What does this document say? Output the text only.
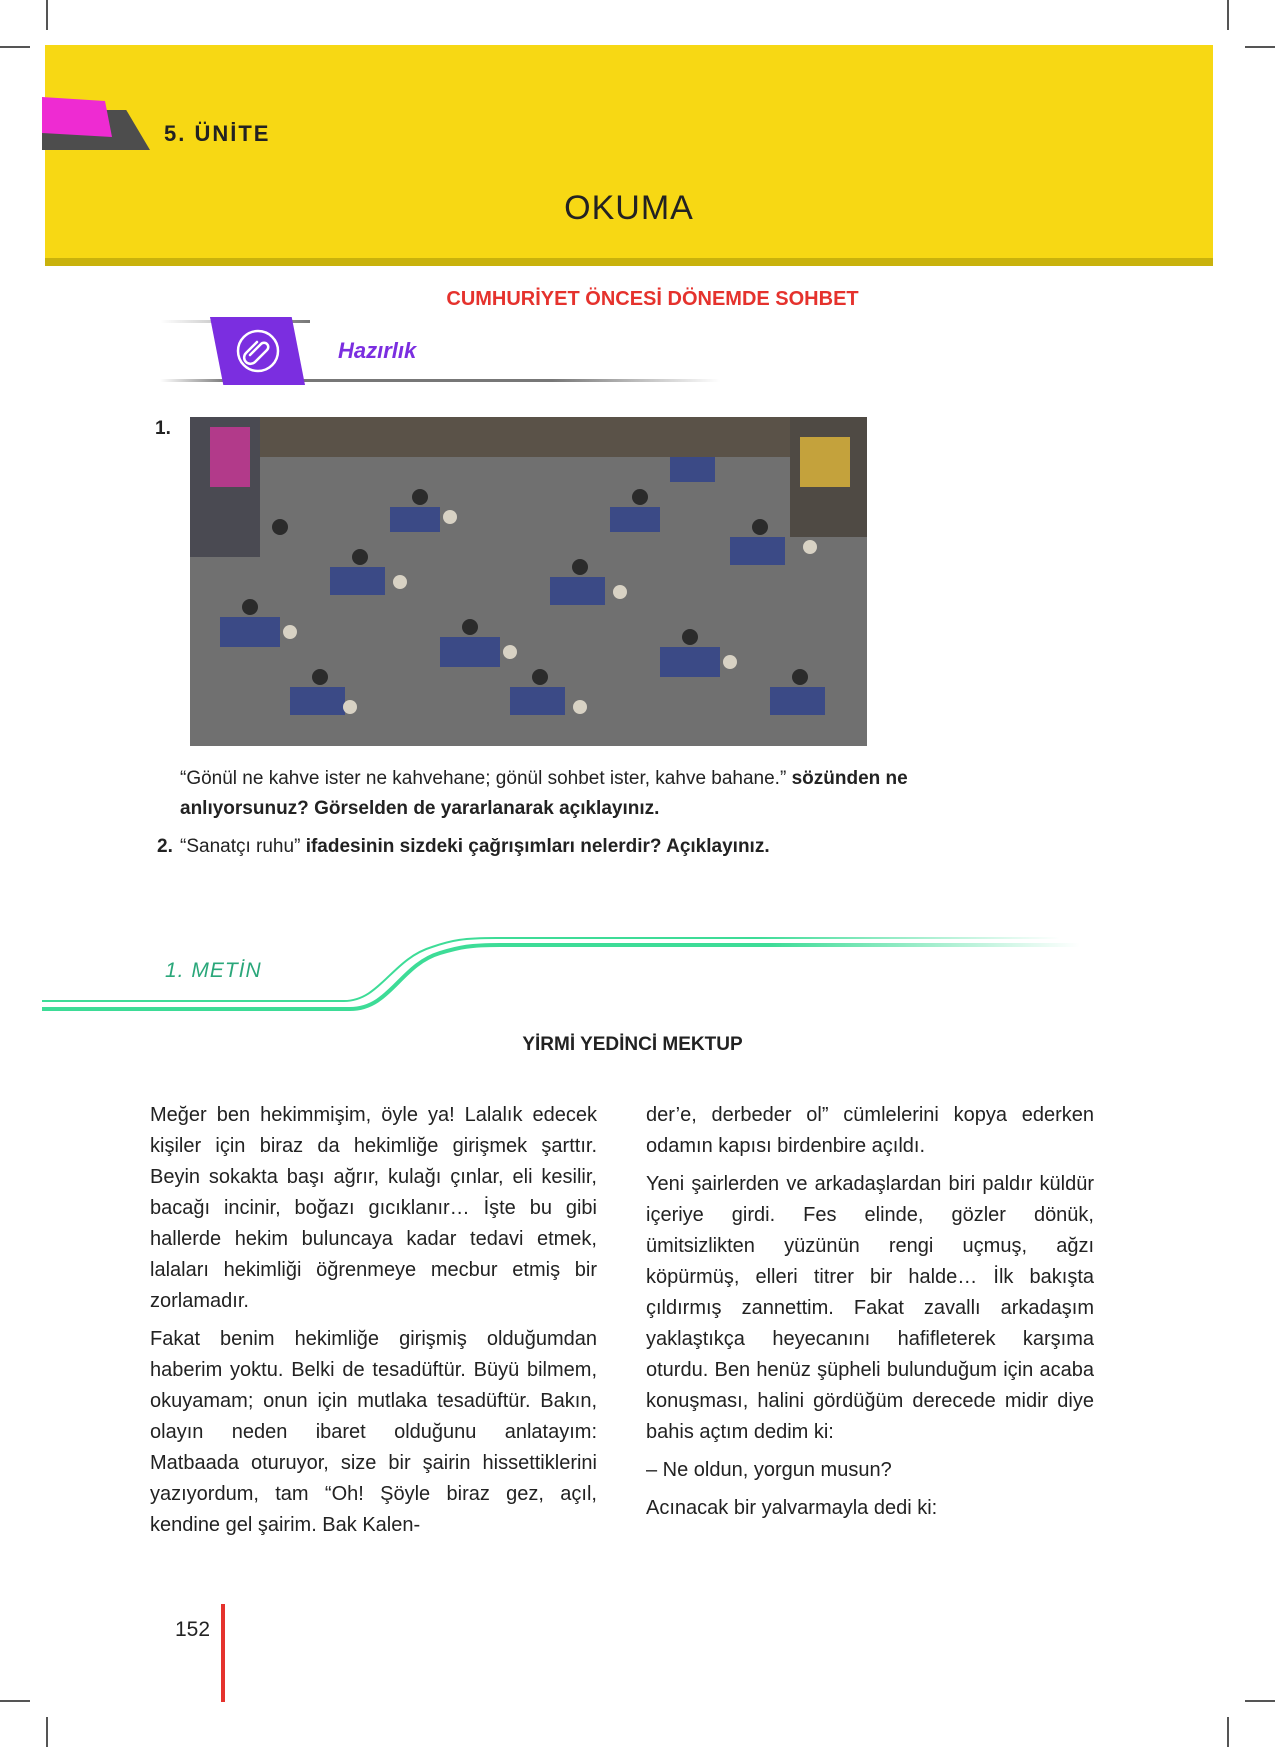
5. ÜNİTE
OKUMA
CUMHURİYET ÖNCESİ DÖNEMDE SOHBET
Hazırlık
1.
“Gönül ne kahve ister ne kahvehane; gönül sohbet ister, kahve bahane.” sözünden ne anlıyorsunuz? Görselden de yararlanarak açıklayınız.
2. “Sanatçı ruhu” ifadesinin sizdeki çağrışımları nelerdir? Açıklayınız.
1. METİN
YİRMİ YEDİNCİ MEKTUP

Meğer ben hekimmişim, öyle ya! Lalalık edecek kişiler için biraz da hekimliğe girişmek şarttır. Beyin sokakta başı ağrır, kulağı çınlar, eli kesilir, bacağı incinir, boğazı gıcıklanır… İşte bu gibi hallerde hekim buluncaya kadar tedavi etmek, lalaları hekimliği öğrenmeye mecbur etmiş bir zorlamadır.

Fakat benim hekimliğe girişmiş olduğumdan haberim yoktu. Belki de tesadüftür. Büyü bilmem, okuyamam; onun için mutlaka tesadüftür. Bakın, olayın neden ibaret olduğunu anlatayım: Matbaada oturuyor, size bir şairin hissettiklerini yazıyordum, tam “Oh! Şöyle biraz gez, açıl, kendine gel şairim. Bak Kalen-

der’e, derbeder ol” cümlelerini kopya ederken odamın kapısı birdenbire açıldı.

Yeni şairlerden ve arkadaşlardan biri paldır küldür içeriye girdi. Fes elinde, gözler dönük, ümitsizlikten yüzünün rengi uçmuş, ağzı köpürmüş, elleri titrer bir halde… İlk bakışta çıldırmış zannettim. Fakat zavallı arkadaşım yaklaştıkça heyecanını hafifleterek karşıma oturdu. Ben henüz şüpheli bulunduğum için acaba konuşması, halini gördüğüm derecede midir diye bahis açtım dedim ki:

– Ne oldun, yorgun musun?

Acınacak bir yalvarmayla dedi ki:

152
